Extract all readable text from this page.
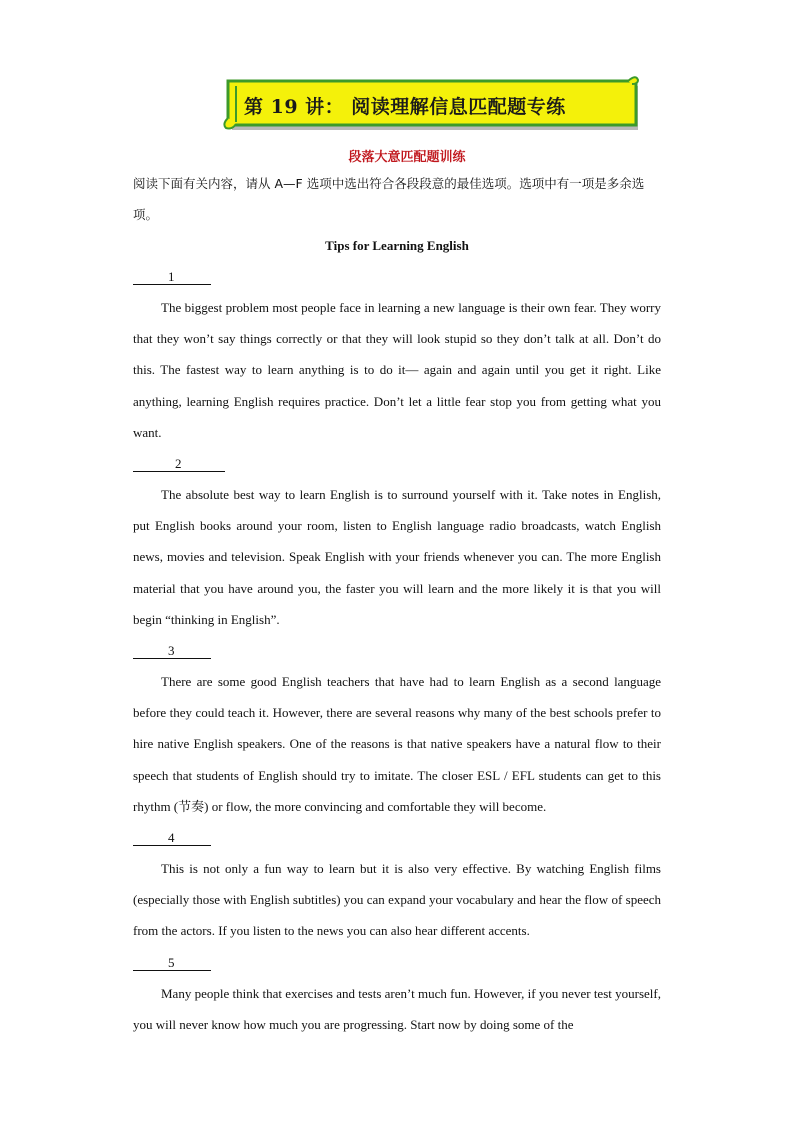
第 19 讲： 阅读理解信息匹配题专练
段落大意匹配题训练

阅读下面有关内容，请从 A—F 选项中选出符合各段段意的最佳选项。选项中有一项是多余选项。

Tips for Learning English

1

The biggest problem most people face in learning a new language is their own fear. They worry that they won’t say things correctly or that they will look stupid so they don’t talk at all. Don’t do this. The fastest way to learn anything is to do it— again and again until you get it right. Like anything, learning English requires practice. Don’t let a little fear stop you from getting what you want.

2

The absolute best way to learn English is to surround yourself with it. Take notes in English, put English books around your room, listen to English language radio broadcasts, watch English news, movies and television. Speak English with your friends whenever you can. The more English material that you have around you, the faster you will learn and the more likely it is that you will begin “thinking in English”.

3

There are some good English teachers that have had to learn English as a second language before they could teach it. However, there are several reasons why many of the best schools prefer to hire native English speakers. One of the reasons is that native speakers have a natural flow to their speech that students of English should try to imitate. The closer ESL / EFL students can get to this rhythm (节奏) or flow, the more convincing and comfortable they will become.

4

This is not only a fun way to learn but it is also very effective. By watching English films (especially those with English subtitles) you can expand your vocabulary and hear the flow of speech from the actors. If you listen to the news you can also hear different accents.

5

Many people think that exercises and tests aren’t much fun. However, if you never test yourself, you will never know how much you are progressing. Start now by doing some of the
